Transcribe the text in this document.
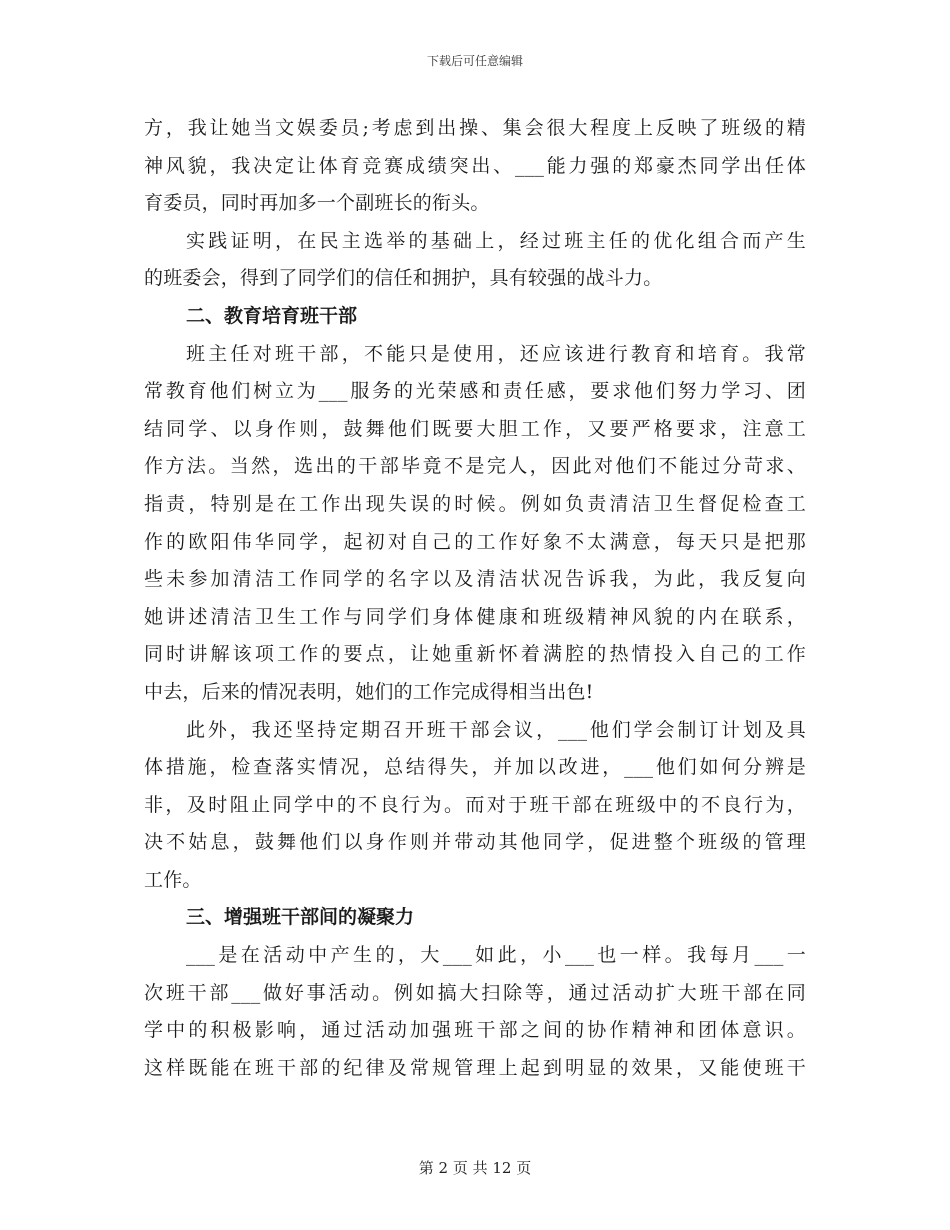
下载后可任意编辑
方，我让她当文娱委员;考虑到出操、集会很大程度上反映了班级的精
神风貌，我决定让体育竞赛成绩突出、___能力强的郑豪杰同学出任体
育委员，同时再加多一个副班长的衔头。
实践证明，在民主选举的基础上，经过班主任的优化组合而产生
的班委会，得到了同学们的信任和拥护，具有较强的战斗力。
二、教育培育班干部
班主任对班干部，不能只是使用，还应该进行教育和培育。我常
常教育他们树立为___服务的光荣感和责任感，要求他们努力学习、团
结同学、以身作则，鼓舞他们既要大胆工作，又要严格要求，注意工
作方法。当然，选出的干部毕竟不是完人，因此对他们不能过分苛求、
指责，特别是在工作出现失误的时候。例如负责清洁卫生督促检查工
作的欧阳伟华同学，起初对自己的工作好象不太满意，每天只是把那
些未参加清洁工作同学的名字以及清洁状况告诉我，为此，我反复向
她讲述清洁卫生工作与同学们身体健康和班级精神风貌的内在联系，
同时讲解该项工作的要点，让她重新怀着满腔的热情投入自己的工作
中去，后来的情况表明，她们的工作完成得相当出色!
此外，我还坚持定期召开班干部会议，___他们学会制订计划及具
体措施，检查落实情况，总结得失，并加以改进，___他们如何分辨是
非，及时阻止同学中的不良行为。而对于班干部在班级中的不良行为，
决不姑息，鼓舞他们以身作则并带动其他同学，促进整个班级的管理
工作。
三、增强班干部间的凝聚力
___是在活动中产生的，大___如此，小___也一样。我每月___一
次班干部___做好事活动。例如搞大扫除等，通过活动扩大班干部在同
学中的积极影响，通过活动加强班干部之间的协作精神和团体意识。
这样既能在班干部的纪律及常规管理上起到明显的效果，又能使班干
第 2 页 共 12 页
